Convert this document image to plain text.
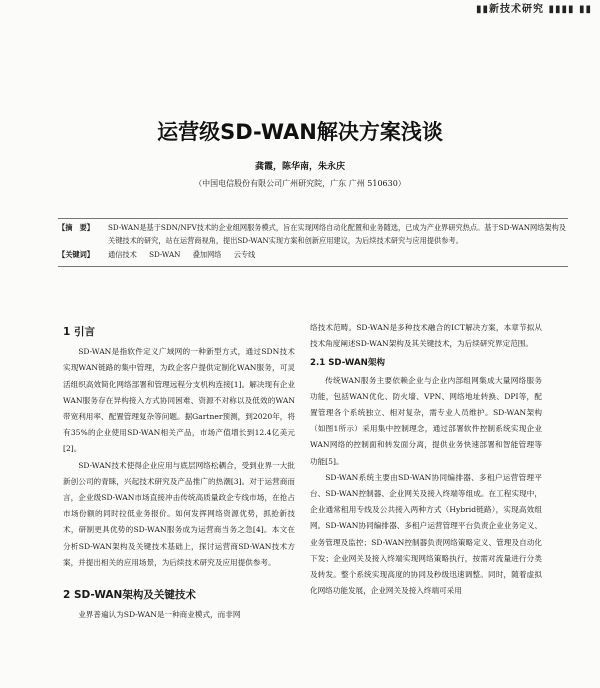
▮▮新技术研究 ▮▮▮▮ ▮▮
运营级SD-WAN解决方案浅谈
龚霞，陈华南，朱永庆
（中国电信股份有限公司广州研究院，广东 广州 510630）
【摘　要】	SD-WAN是基于SDN/NFV技术的企业组网服务模式，旨在实现网络自动化配置和业务随选，已成为产业界研究热点。基于SD-WAN网络架构及关键技术的研究，站在运营商视角，提出SD-WAN实现方案和创新应用建议，为后续技术研究与应用提供参考。
【关键词】	通信技术 SD-WAN 叠加网络 云专线
1 引言

SD-WAN是指软件定义广域网的一种新型方式，通过SDN技术实现WAN链路的集中管理，为政企客户提供定制化WAN服务，可灵活组织高效简化网络部署和管理远程分支机构连接[1]。解决现有企业WAN服务存在异构接入方式协同困难、资源不对称以及低效的WAN带宽利用率、配置管理复杂等问题。据Gartner预测，到2020年，将有35%的企业使用SD-WAN相关产品，市场产值增长到12.4亿美元[2]。

SD-WAN技术使得企业应用与底层网络松耦合，受到业界一大批新创公司的青睐，兴起技术研究及产品推广的热潮[3]。对于运营商而言，企业级SD-WAN市场直接冲击传统高质量政企专线市场，在抢占市场份额的同时拉低业务报价。如何发挥网络资源优势，抓抢新技术，研制更具优势的SD-WAN服务成为运营商当务之急[4]。本文在分析SD-WAN架构及关键技术基础上，探讨运营商SD-WAN技术方案，并提出相关的应用场景，为后续技术研究及应用提供参考。

2 SD-WAN架构及关键技术

业界普遍认为SD-WAN是一种商业模式，而非网

络技术范畴。SD-WAN是多种技术融合的ICT解决方案，本章节拟从技术角度阐述SD-WAN架构及其关键技术，为后续研究界定范围。

2.1 SD-WAN架构

传统WAN服务主要依赖企业与企业内部组网集成大量网络服务功能，包括WAN优化、防火墙、VPN、网络地址转换、DPI等，配置管理各个系统独立、相对复杂，需专业人员维护。SD-WAN架构（如图1所示）采用集中控制理念，通过部署软件控制系统实现企业WAN网络的控制面和转发面分离，提供业务快速部署和智能管理等功能[5]。

SD-WAN系统主要由SD-WAN协同编排器、多租户运营管理平台、SD-WAN控制器、企业网关及接入终端等组成。在工程实现中，企业通常租用专线及公共接入两种方式（Hybrid链路），实现高效组网。SD-WAN协同编排器、多租户运营管理平台负责企业业务定义、业务管理及监控；SD-WAN控制器负责网络策略定义、管理及自动化下发；企业网关及接入终端实现网络策略执行，按需对流量进行分类及转发。整个系统实现高度的协同及秒级迅速调整。同时，随着虚拟化网络功能发展，企业网关及接入终端可采用
